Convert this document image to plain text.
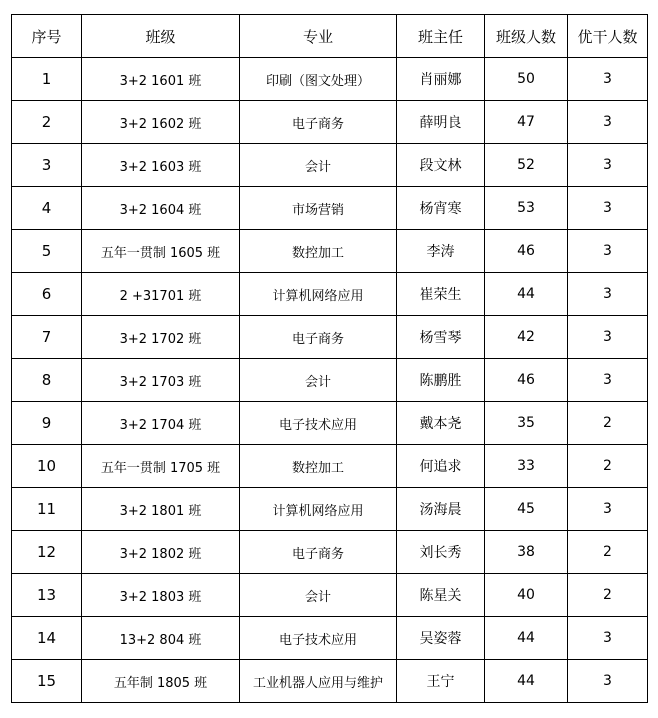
序号	班级	专业	班主任	班级人数	优干人数
1	3+2 1601 班	印刷（图文处理）	肖丽娜	50	3
2	3+2 1602 班	电子商务	薛明良	47	3
3	3+2 1603 班	会计	段文林	52	3
4	3+2 1604 班	市场营销	杨宵寒	53	3
5	五年一贯制 1605 班	数控加工	李涛	46	3
6	2 +31701 班	计算机网络应用	崔荣生	44	3
7	3+2 1702 班	电子商务	杨雪琴	42	3
8	3+2 1703 班	会计	陈鹏胜	46	3
9	3+2 1704 班	电子技术应用	戴本尧	35	2
10	五年一贯制 1705 班	数控加工	何追求	33	2
11	3+2 1801 班	计算机网络应用	汤海晨	45	3
12	3+2 1802 班	电子商务	刘长秀	38	2
13	3+2 1803 班	会计	陈星关	40	2
14	13+2 804 班	电子技术应用	吴姿蓉	44	3
15	五年制 1805 班	工业机器人应用与维护	王宁	44	3
